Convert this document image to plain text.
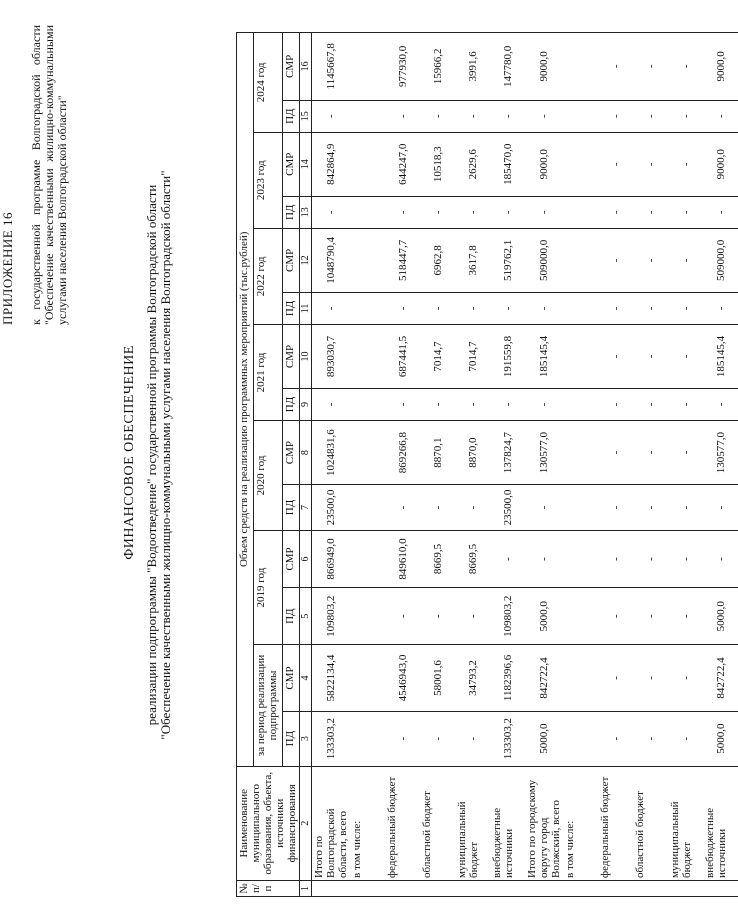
ПРИЛОЖЕНИЕ 16 к государственной программе Волгоградской области "Обеспечение качественными жилищно-коммунальными услугами населения Волгоградской области"
ФИНАНСОВОЕ ОБЕСПЕЧЕНИЕ реализации подпрограммы "Водоотведение" государственной программы Волгоградской области "Обеспечение качественными жилищно-коммунальными услугами населения Волгоградской области"
№ п/п	Наименование муниципального образования, объекта, источники финансирования	Объем средств на реализацию программных мероприятий (тыс.рублей)													
		за период реализации подпрограммы		2019 год		2020 год		2021 год		2022 год		2023 год		2024 год	
		ПД	СМР	ПД	СМР	ПД	СМР	ПД	СМР	ПД	СМР	ПД	СМР	ПД	СМР
1	2	3	4	5	6	7	8	9	10	11	12	13	14	15	16
	Итого по Волгоградской области, всего	133303,2	5822134,4	109803,2	866949,0	23500,0	1024831,6	-	893030,7	-	1048790,4	-	842864,9	-	1145667,8
	в том числе:														
	федеральный бюджет	-	4546943,0	-	849610,0	-	869266,8	-	687441,5	-	518447,7	-	644247,0	-	977930,0
	областной бюджет	-	58001,6	-	8669,5	-	8870,1	-	7014,7	-	6962,8	-	10518,3	-	15966,2
	муниципальный бюджет	-	34793,2	-	8669,5	-	8870,0	-	7014,7	-	3617,8	-	2629,6	-	3991,6
	внебюджетные источники	133303,2	1182396,6	109803,2	-	23500,0	137824,7	-	191559,8	-	519762,1	-	185470,0	-	147780,0
	Итого по городскому округу город Волжский, всего	5000,0	842722,4	5000,0	-	-	130577,0	-	185145,4	-	509000,0	-	9000,0	-	9000,0
	в том числе:														
	федеральный бюджет	-	-	-	-	-	-	-	-	-	-	-	-	-	-
	областной бюджет	-	-	-	-	-	-	-	-	-	-	-	-	-	-
	муниципальный бюджет	-	-	-	-	-	-	-	-	-	-	-	-	-	-
	внебюджетные источники	5000,0	842722,4	5000,0	-	-	130577,0	-	185145,4	-	509000,0	-	9000,0	-	9000,0
